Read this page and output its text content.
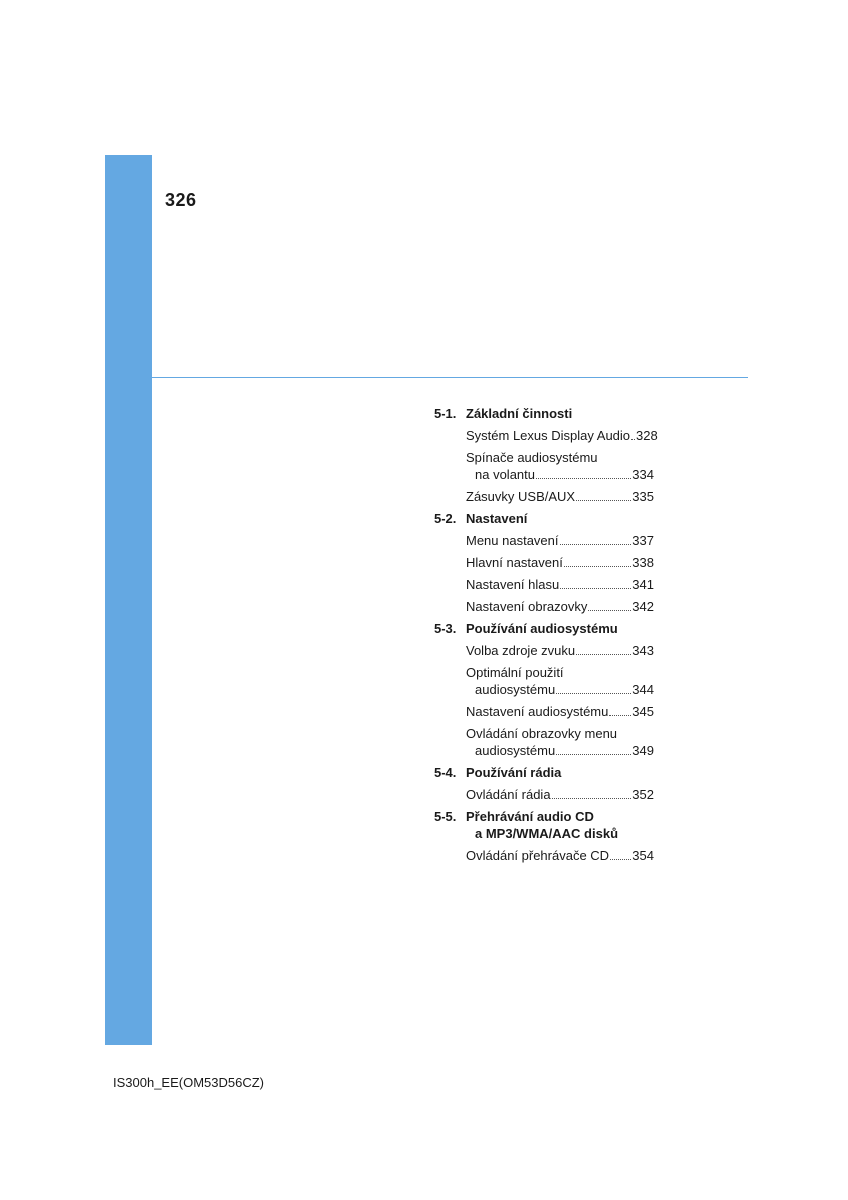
326
5-1. Základní činnosti
Systém Lexus Display Audio 328
Spínače audiosystému
na volantu	334
Zásuvky USB/AUX	335
5-2. Nastavení
Menu nastavení	337
Hlavní nastavení	338
Nastavení hlasu	341
Nastavení obrazovky	342
5-3. Používání audiosystému
Volba zdroje zvuku	343
Optimální použití
audiosystému	344
Nastavení audiosystému 345
Ovládání obrazovky menu
audiosystému	349
5-4. Používání rádia
Ovládání rádia	352
5-5. Přehrávání audio CD
a MP3/WMA/AAC disků
Ovládání přehrávače CD 354
IS300h_EE(OM53D56CZ)
